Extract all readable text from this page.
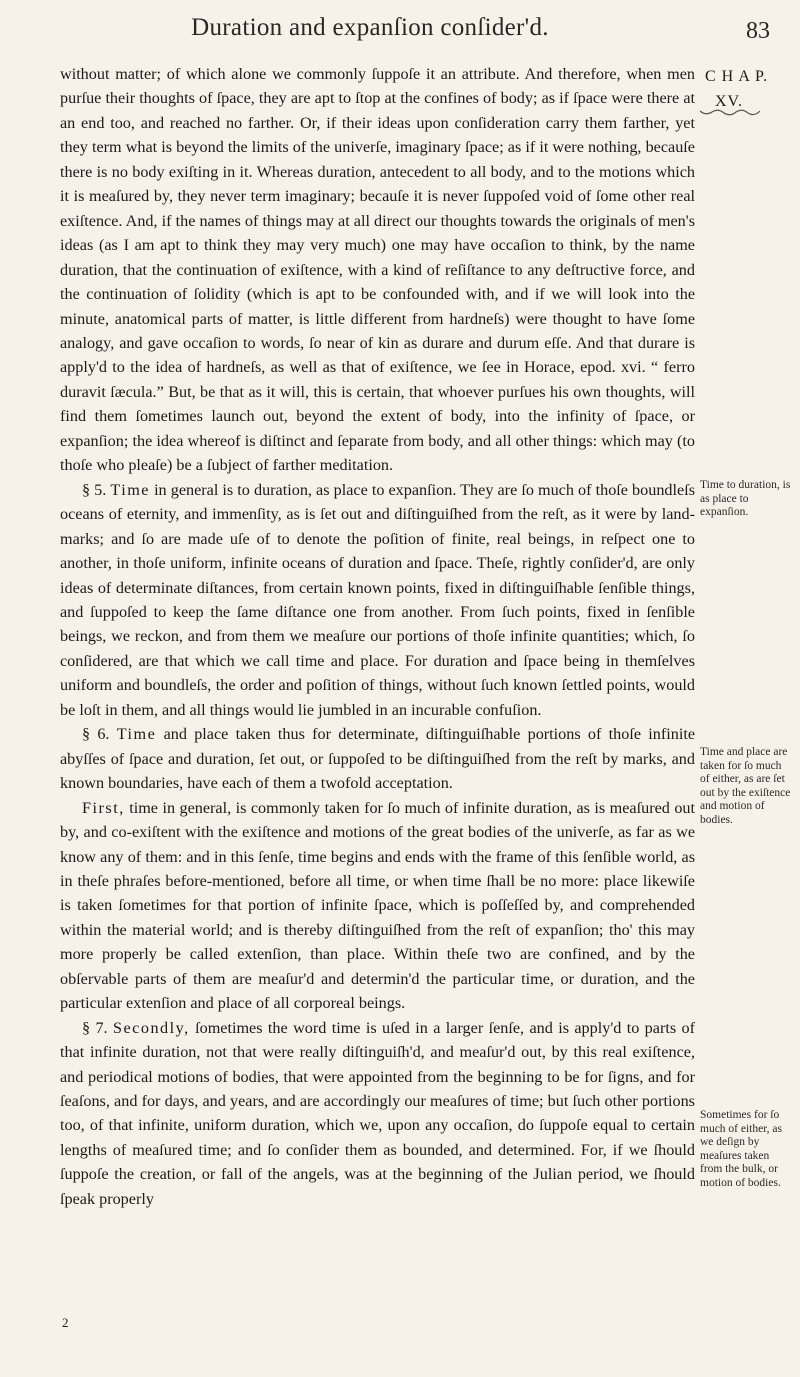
Duration and expanſion conſider'd.	83
C H A P.
XV.

without matter; of which alone we commonly ſuppoſe it an attribute. And therefore, when men purſue their thoughts of ſpace, they are apt to ſtop at the confines of body; as if ſpace were there at an end too, and reached no farther. Or, if their ideas upon conſideration carry them farther, yet they term what is beyond the limits of the univerſe, imaginary ſpace; as if it were nothing, becauſe there is no body exiſting in it. Whereas duration, antecedent to all body, and to the motions which it is meaſured by, they never term imaginary; becauſe it is never ſuppoſed void of ſome other real exiſtence. And, if the names of things may at all direct our thoughts towards the originals of men's ideas (as I am apt to think they may very much) one may have occaſion to think, by the name duration, that the continuation of exiſtence, with a kind of reſiſtance to any deſtructive force, and the continuation of ſolidity (which is apt to be confounded with, and if we will look into the minute, anatomical parts of matter, is little different from hardneſs) were thought to have ſome analogy, and gave occaſion to words, ſo near of kin as durare and durum eſſe. And that durare is apply'd to the idea of hardneſs, as well as that of exiſtence, we ſee in Horace, epod. xvi. “ ferro duravit ſæcula.” But, be that as it will, this is certain, that whoever purſues his own thoughts, will find them ſometimes launch out, beyond the extent of body, into the infinity of ſpace, or expanſion; the idea whereof is diſtinct and ſeparate from body, and all other things: which may (to thoſe who pleaſe) be a ſubject of farther meditation.

§ 5. Time in general is to duration, as place to expanſion. They are ſo much of thoſe boundleſs oceans of eternity, and immenſity, as is ſet out and diſtinguiſhed from the reſt, as it were by land-marks; and ſo are made uſe of to denote the poſition of finite, real beings, in reſpect one to another, in thoſe uniform, infinite oceans of duration and ſpace. Theſe, rightly conſider'd, are only ideas of determinate diſtances, from certain known points, fixed in diſtinguiſhable ſenſible things, and ſuppoſed to keep the ſame diſtance one from another. From ſuch points, fixed in ſenſible beings, we reckon, and from them we meaſure our portions of thoſe infinite quantities; which, ſo conſidered, are that which we call time and place. For duration and ſpace being in themſelves uniform and boundleſs, the order and poſition of things, without ſuch known ſettled points, would be loſt in them, and all things would lie jumbled in an incurable confuſion.

§ 6. Time and place taken thus for determinate, diſtinguiſhable portions of thoſe infinite abyſſes of ſpace and duration, ſet out, or ſuppoſed to be diſtinguiſhed from the reſt by marks, and known boundaries, have each of them a twofold acceptation.

First, time in general, is commonly taken for ſo much of infinite duration, as is meaſured out by, and co-exiſtent with the exiſtence and motions of the great bodies of the univerſe, as far as we know any of them: and in this ſenſe, time begins and ends with the frame of this ſenſible world, as in theſe phraſes before-mentioned, before all time, or when time ſhall be no more: place likewiſe is taken ſometimes for that portion of infinite ſpace, which is poſſeſſed by, and comprehended within the material world; and is thereby diſtinguiſhed from the reſt of expanſion; tho' this may more properly be called extenſion, than place. Within theſe two are confined, and by the obſervable parts of them are meaſur'd and determin'd the particular time, or duration, and the particular extenſion and place of all corporeal beings.

§ 7. Secondly, ſometimes the word time is uſed in a larger ſenſe, and is apply'd to parts of that infinite duration, not that were really diſtinguiſh'd, and meaſur'd out, by this real exiſtence, and periodical motions of bodies, that were appointed from the beginning to be for ſigns, and for ſeaſons, and for days, and years, and are accordingly our meaſures of time; but ſuch other portions too, of that infinite, uniform duration, which we, upon any occaſion, do ſuppoſe equal to certain lengths of meaſured time; and ſo conſider them as bounded, and determined. For, if we ſhould ſuppoſe the creation, or fall of the angels, was at the beginning of the Julian period, we ſhould ſpeak properly

Time to duration, is as place to expanſion.
Time and place are taken for ſo much of either, as are ſet out by the exiſtence and motion of bodies.
Sometimes for ſo much of either, as we deſign by meaſures taken from the bulk, or motion of bodies.
2
